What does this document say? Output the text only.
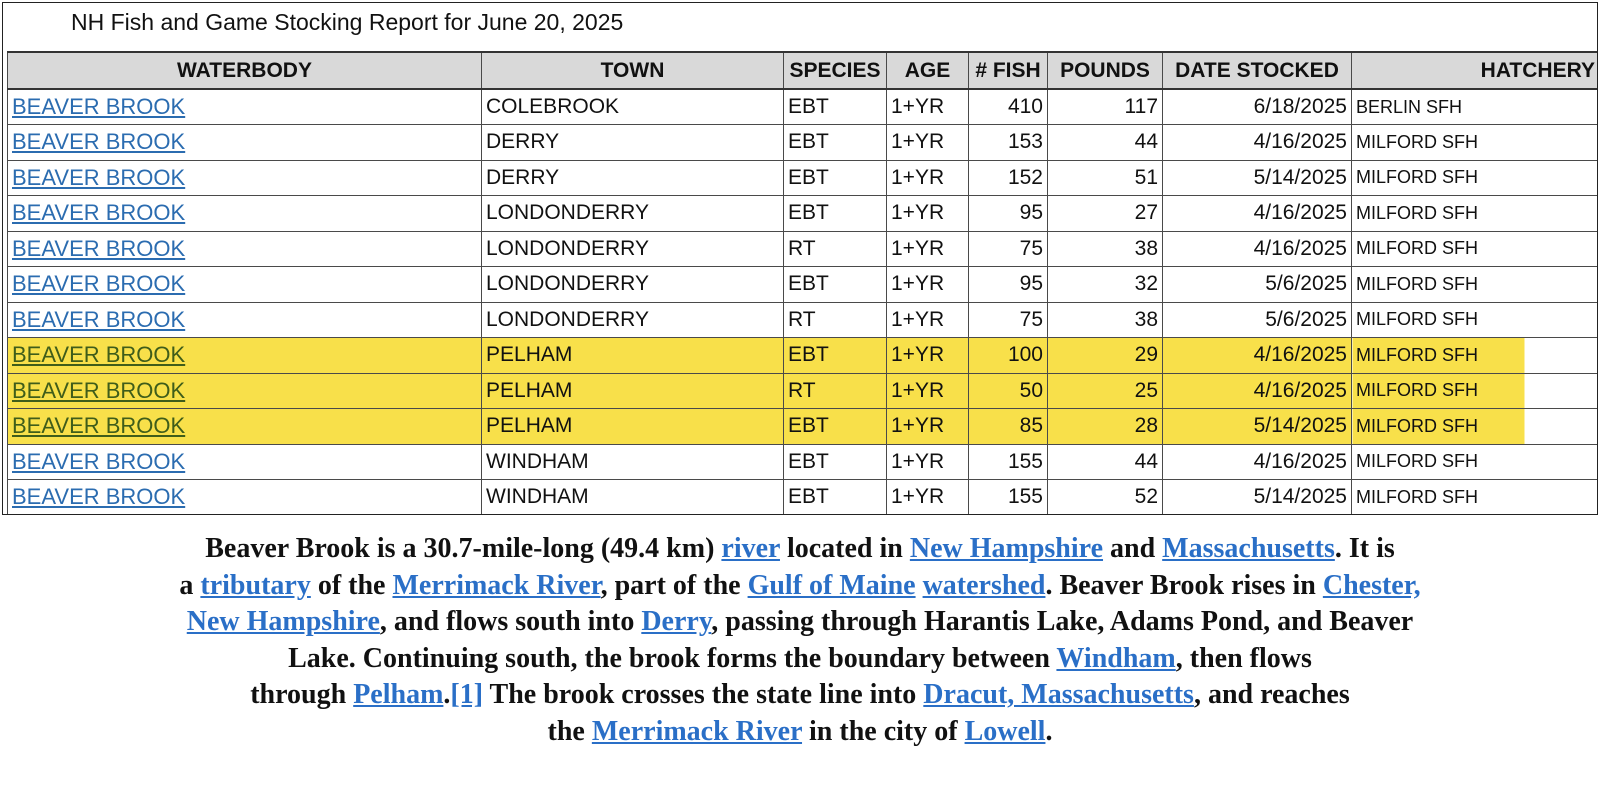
NH Fish and Game Stocking Report for June 20, 2025
WATERBODY	TOWN	SPECIES	AGE	# FISH	POUNDS	DATE STOCKED	HATCHERY
BEAVER BROOK	COLEBROOK	EBT	1+YR	410	117	6/18/2025	BERLIN SFH
BEAVER BROOK	DERRY	EBT	1+YR	153	44	4/16/2025	MILFORD SFH
BEAVER BROOK	DERRY	EBT	1+YR	152	51	5/14/2025	MILFORD SFH
BEAVER BROOK	LONDONDERRY	EBT	1+YR	95	27	4/16/2025	MILFORD SFH
BEAVER BROOK	LONDONDERRY	RT	1+YR	75	38	4/16/2025	MILFORD SFH
BEAVER BROOK	LONDONDERRY	EBT	1+YR	95	32	5/6/2025	MILFORD SFH
BEAVER BROOK	LONDONDERRY	RT	1+YR	75	38	5/6/2025	MILFORD SFH
BEAVER BROOK	PELHAM	EBT	1+YR	100	29	4/16/2025	MILFORD SFH
BEAVER BROOK	PELHAM	RT	1+YR	50	25	4/16/2025	MILFORD SFH
BEAVER BROOK	PELHAM	EBT	1+YR	85	28	5/14/2025	MILFORD SFH
BEAVER BROOK	WINDHAM	EBT	1+YR	155	44	4/16/2025	MILFORD SFH
BEAVER BROOK	WINDHAM	EBT	1+YR	155	52	5/14/2025	MILFORD SFH
Beaver Brook is a 30.7-mile-long (49.4 km) river located in New Hampshire and Massachusetts. It is
a tributary of the Merrimack River, part of the Gulf of Maine watershed. Beaver Brook rises in Chester,
New Hampshire, and flows south into Derry, passing through Harantis Lake, Adams Pond, and Beaver
Lake. Continuing south, the brook forms the boundary between Windham, then flows
through Pelham.[1] The brook crosses the state line into Dracut, Massachusetts, and reaches
the Merrimack River in the city of Lowell.
